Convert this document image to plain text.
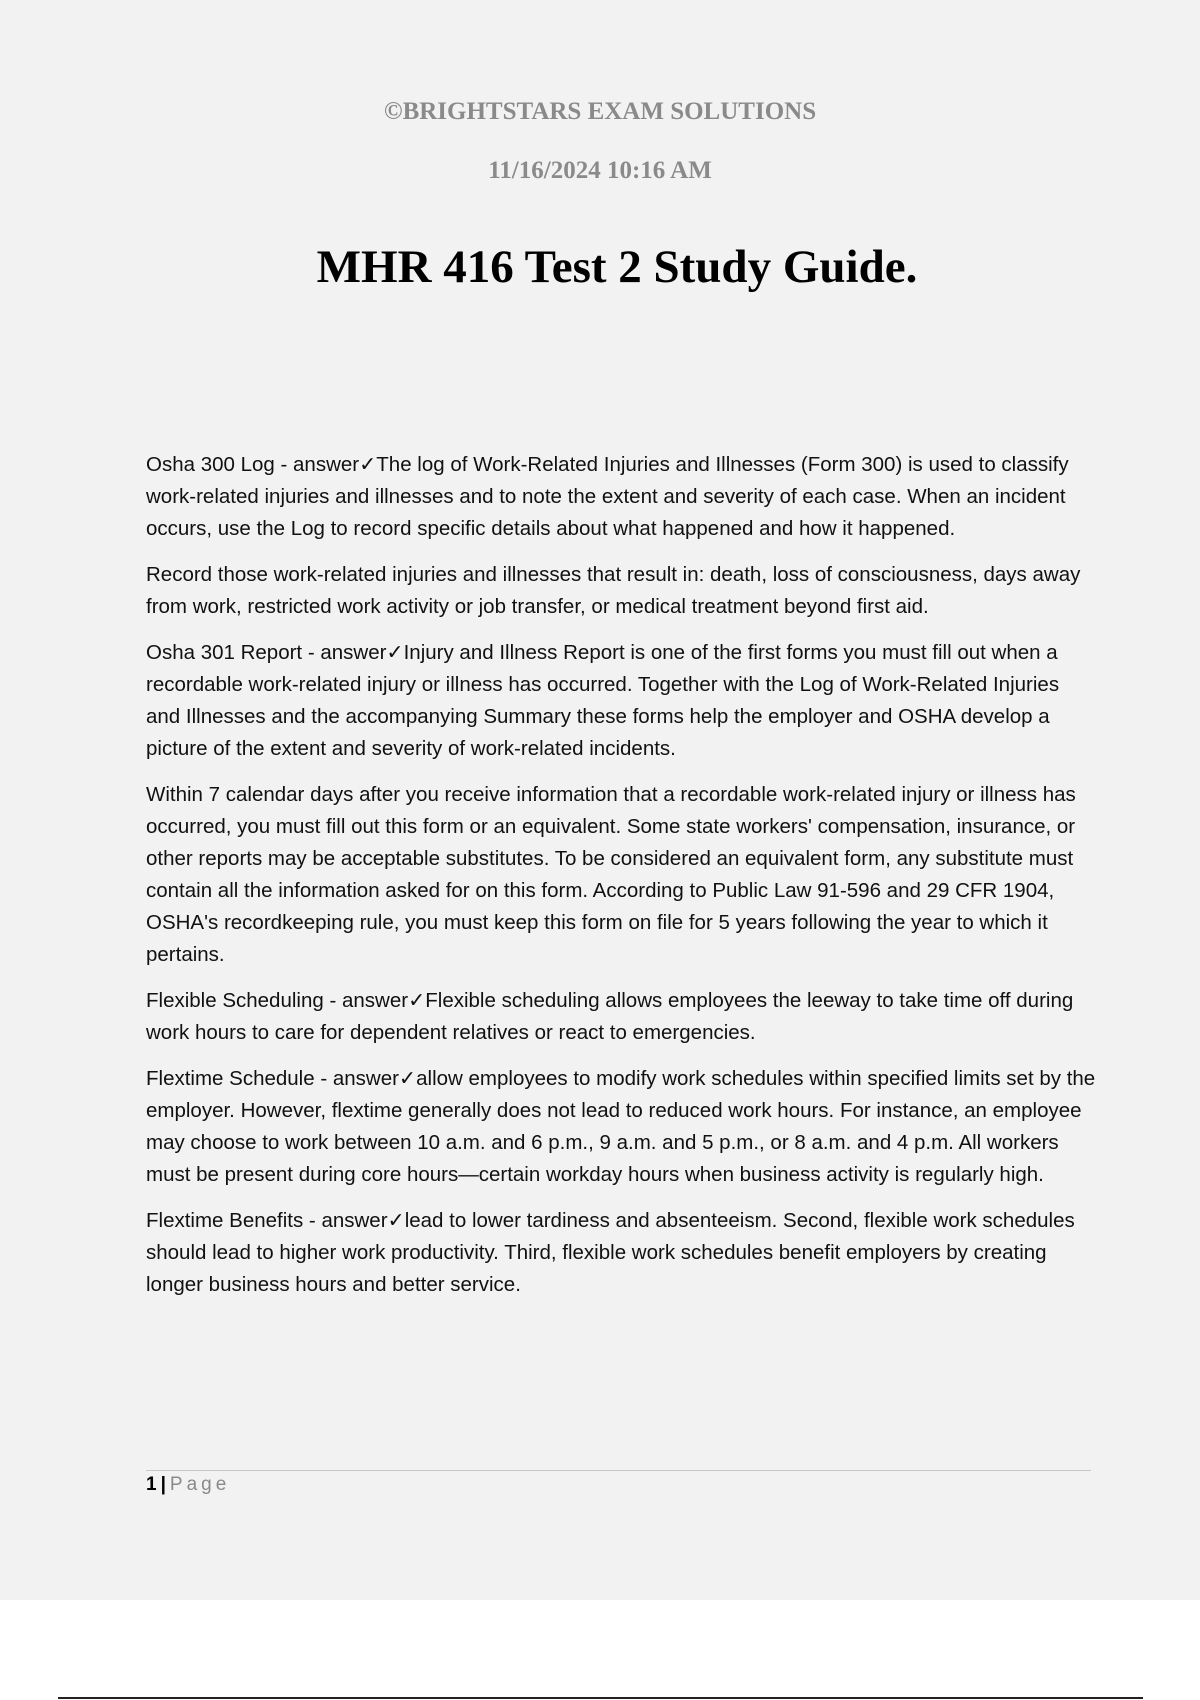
©BRIGHTSTARS EXAM SOLUTIONS

11/16/2024 10:16 AM

MHR 416 Test 2 Study Guide.

Osha 300 Log - answer✓The log of Work-Related Injuries and Illnesses (Form 300) is used to classify work-related injuries and illnesses and to note the extent and severity of each case. When an incident occurs, use the Log to record specific details about what happened and how it happened.

Record those work-related injuries and illnesses that result in: death, loss of consciousness, days away from work, restricted work activity or job transfer, or medical treatment beyond first aid.

Osha 301 Report - answer✓Injury and Illness Report is one of the first forms you must fill out when a recordable work-related injury or illness has occurred. Together with the Log of Work-Related Injuries and Illnesses and the accompanying Summary these forms help the employer and OSHA develop a picture of the extent and severity of work-related incidents.

Within 7 calendar days after you receive information that a recordable work-related injury or illness has occurred, you must fill out this form or an equivalent. Some state workers' compensation, insurance, or other reports may be acceptable substitutes. To be considered an equivalent form, any substitute must contain all the information asked for on this form. According to Public Law 91-596 and 29 CFR 1904, OSHA's recordkeeping rule, you must keep this form on file for 5 years following the year to which it pertains.

Flexible Scheduling - answer✓Flexible scheduling allows employees the leeway to take time off during work hours to care for dependent relatives or react to emergencies.

Flextime Schedule - answer✓allow employees to modify work schedules within specified limits set by the employer. However, flextime generally does not lead to reduced work hours. For instance, an employee may choose to work between 10 a.m. and 6 p.m., 9 a.m. and 5 p.m., or 8 a.m. and 4 p.m. All workers must be present during core hours—certain workday hours when business activity is regularly high.

Flextime Benefits - answer✓lead to lower tardiness and absenteeism. Second, flexible work schedules should lead to higher work productivity. Third, flexible work schedules benefit employers by creating longer business hours and better service.

1 | Page
